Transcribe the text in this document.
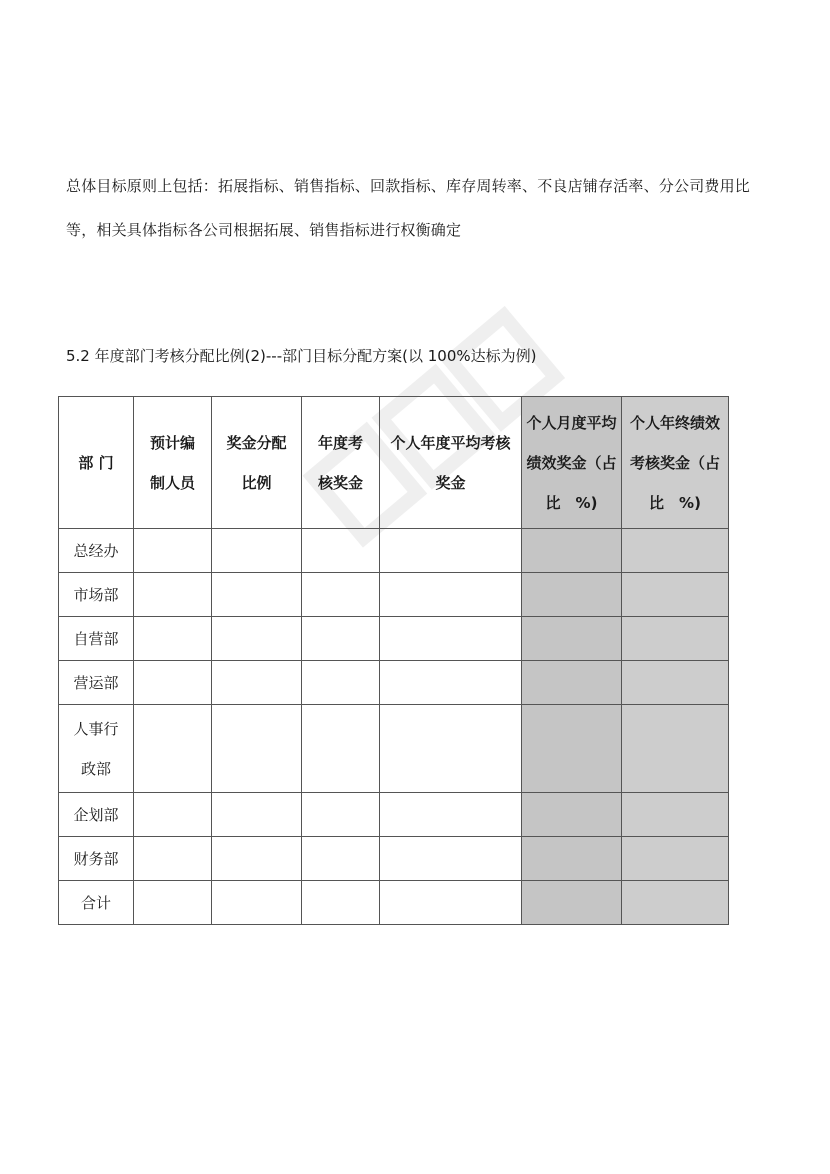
总体目标原则上包括：拓展指标、销售指标、回款指标、库存周转率、不良店铺存活率、分公司费用比等，相关具体指标各公司根据拓展、销售指标进行权衡确定
5.2 年度部门考核分配比例(2)---部门目标分配方案(以 100%达标为例)
部 门	预计编制人员	奖金分配比例	年度考核奖金	个人年度平均考核奖金	个人月度平均绩效奖金（占比　%)	个人年终绩效考核奖金（占比　%)

总经办						
市场部						
自营部						
营运部						

人事行政部						

企划部						
财务部						
合计						
